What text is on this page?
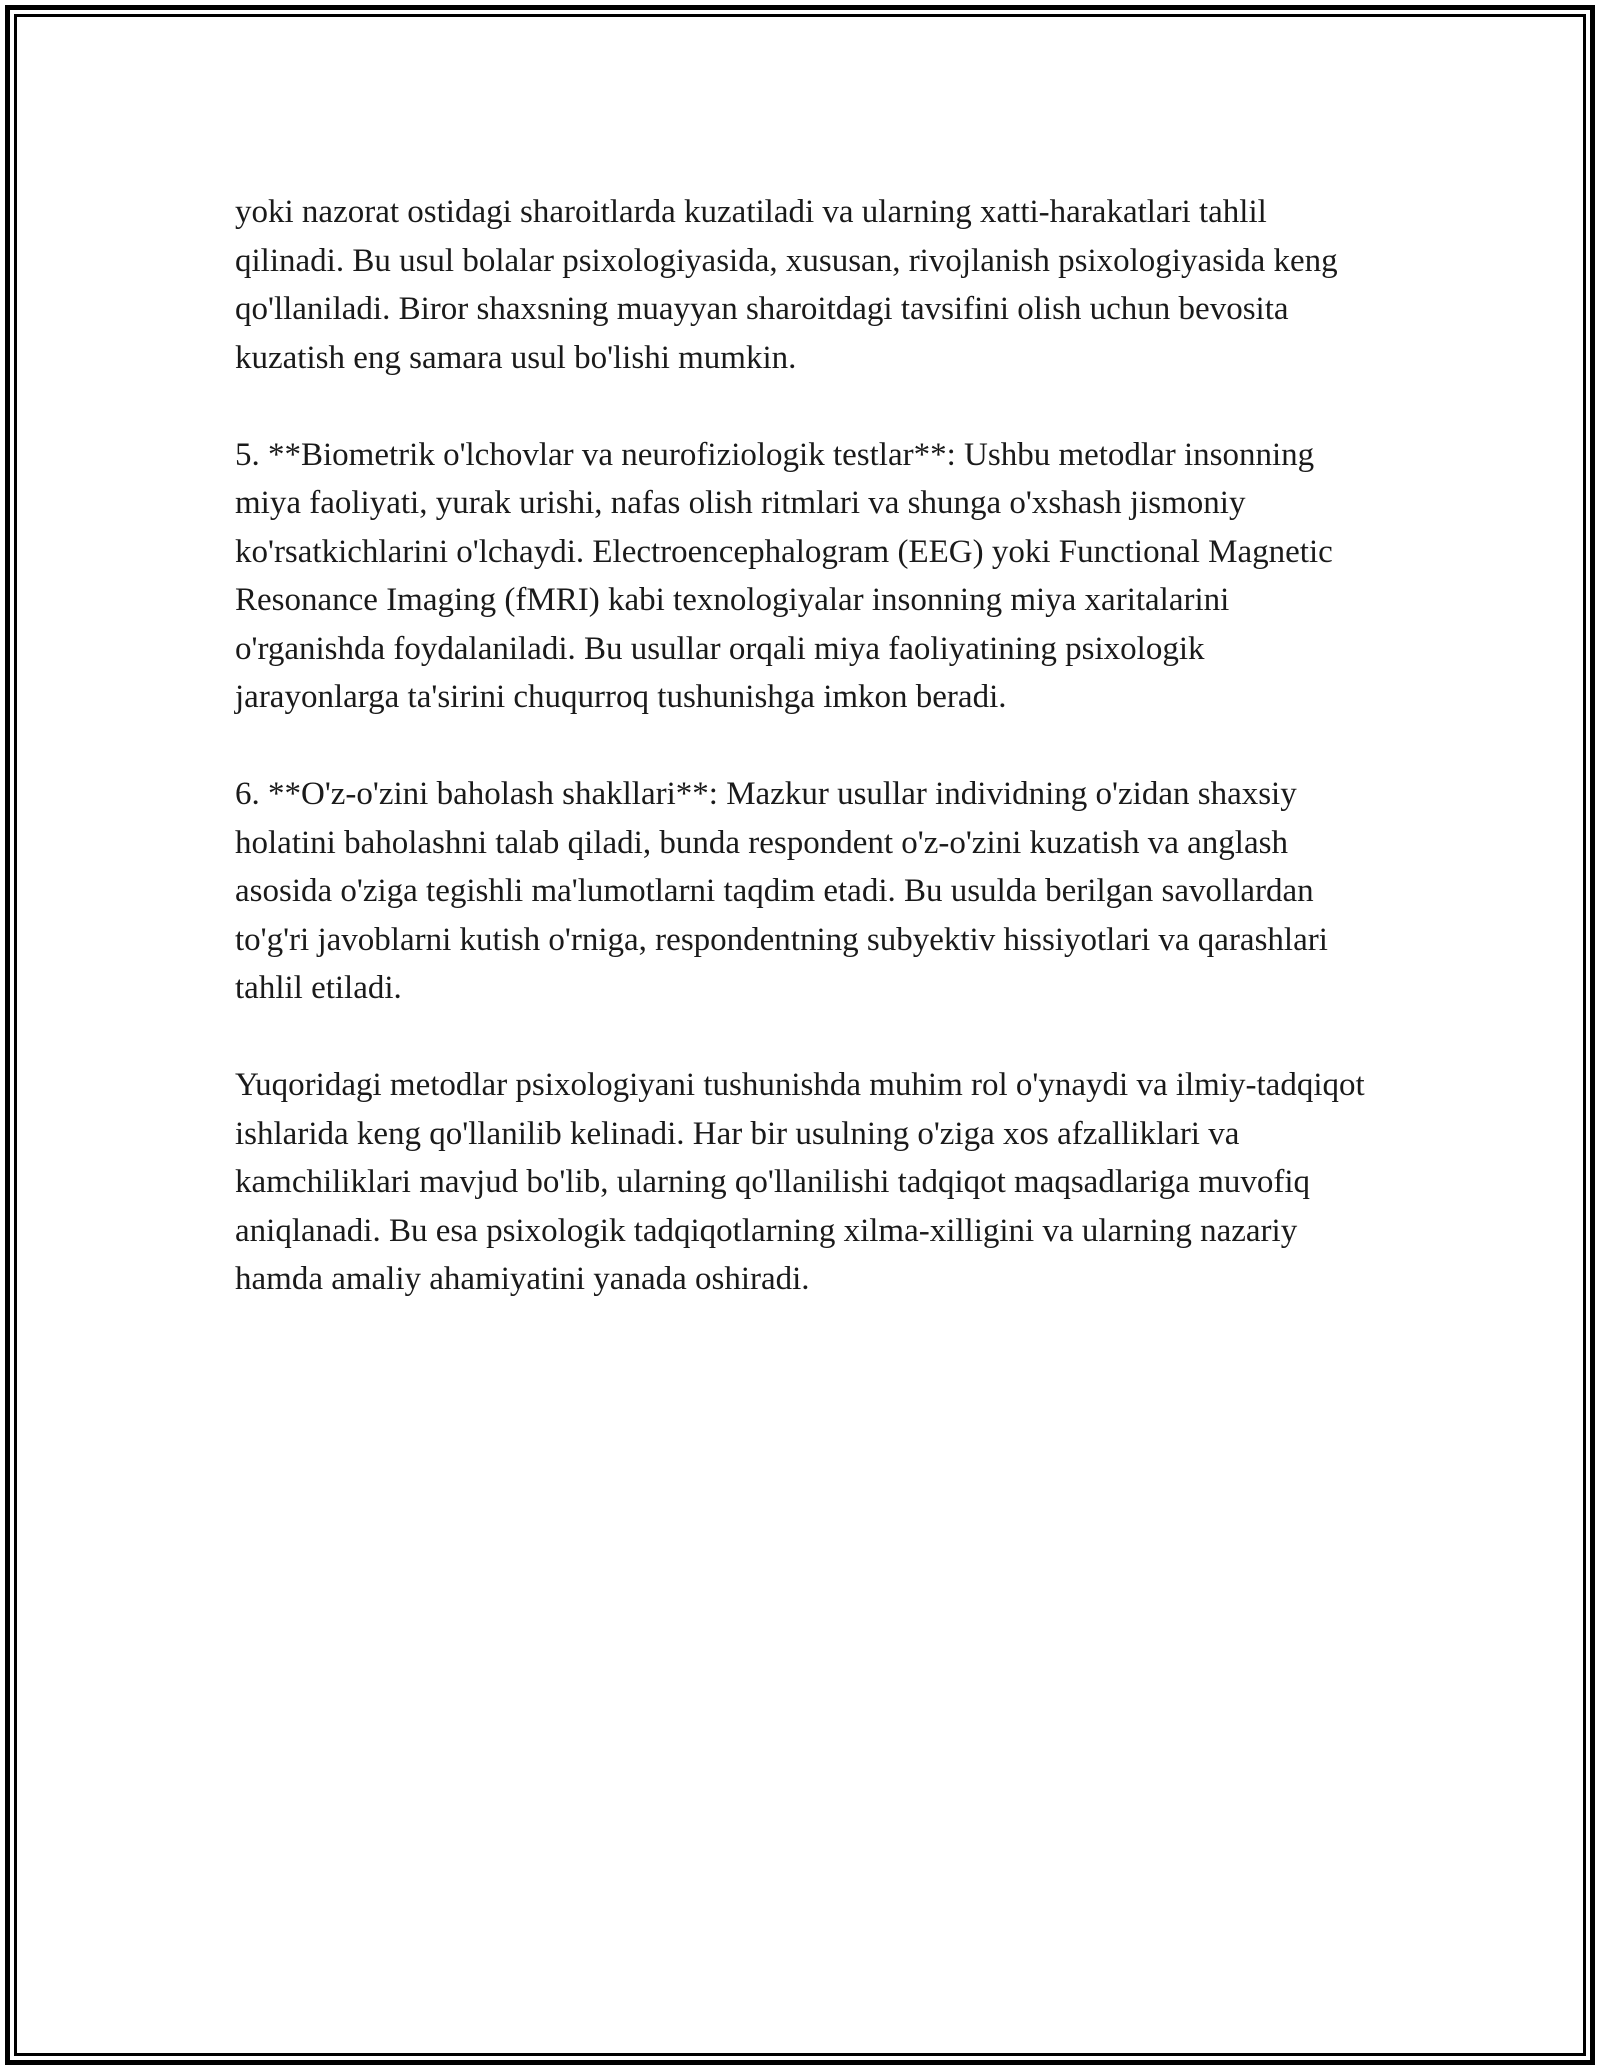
yoki nazorat ostidagi sharoitlarda kuzatiladi va ularning xatti-harakatlari tahlil qilinadi. Bu usul bolalar psixologiyasida, xususan, rivojlanish psixologiyasida keng qo'llaniladi. Biror shaxsning muayyan sharoitdagi tavsifini olish uchun bevosita kuzatish eng samara usul bo'lishi mumkin.

5. **Biometrik o'lchovlar va neurofiziologik testlar**: Ushbu metodlar insonning miya faoliyati, yurak urishi, nafas olish ritmlari va shunga o'xshash jismoniy ko'rsatkichlarini o'lchaydi. Electroencephalogram (EEG) yoki Functional Magnetic Resonance Imaging (fMRI) kabi texnologiyalar insonning miya xaritalarini o'rganishda foydalaniladi. Bu usullar orqali miya faoliyatining psixologik jarayonlarga ta'sirini chuqurroq tushunishga imkon beradi.

6. **O'z-o'zini baholash shakllari**: Mazkur usullar individning o'zidan shaxsiy holatini baholashni talab qiladi, bunda respondent o'z-o'zini kuzatish va anglash asosida o'ziga tegishli ma'lumotlarni taqdim etadi. Bu usulda berilgan savollardan to'g'ri javoblarni kutish o'rniga, respondentning subyektiv hissiyotlari va qarashlari tahlil etiladi.

Yuqoridagi metodlar psixologiyani tushunishda muhim rol o'ynaydi va ilmiy-tadqiqot ishlarida keng qo'llanilib kelinadi. Har bir usulning o'ziga xos afzalliklari va kamchiliklari mavjud bo'lib, ularning qo'llanilishi tadqiqot maqsadlariga muvofiq aniqlanadi. Bu esa psixologik tadqiqotlarning xilma-xilligini va ularning nazariy hamda amaliy ahamiyatini yanada oshiradi.
